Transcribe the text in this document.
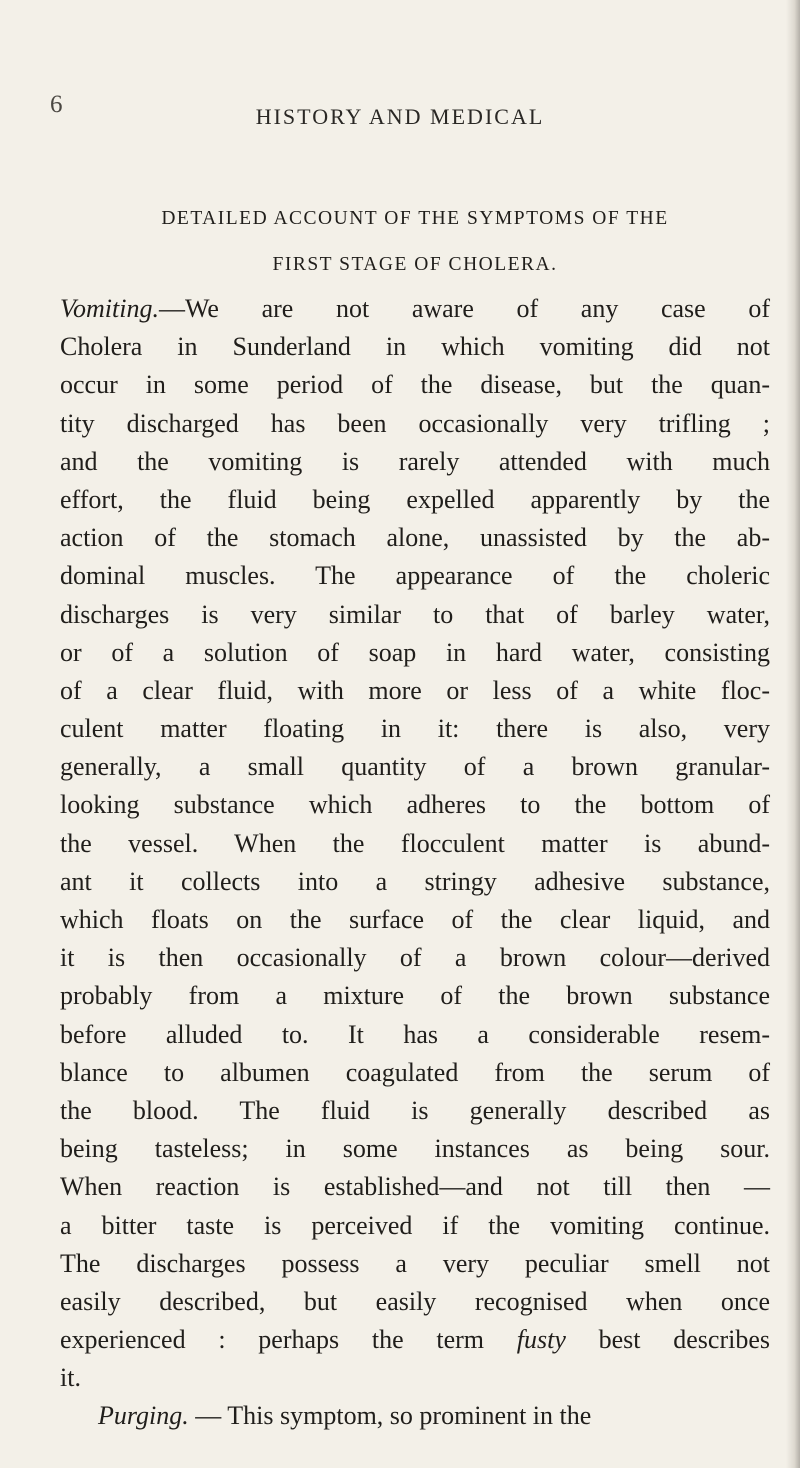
6	HISTORY AND MEDICAL
DETAILED ACCOUNT OF THE SYMPTOMS OF THE
FIRST STAGE OF CHOLERA.
Vomiting.—We are not aware of any case of
Cholera in Sunderland in which vomiting did not
occur in some period of the disease, but the quan-
tity discharged has been occasionally very trifling ;
and the vomiting is rarely attended with much
effort, the fluid being expelled apparently by the
action of the stomach alone, unassisted by the ab-
dominal muscles. The appearance of the choleric
discharges is very similar to that of barley water,
or of a solution of soap in hard water, consisting
of a clear fluid, with more or less of a white floc-
culent matter floating in it: there is also, very
generally, a small quantity of a brown granular-
looking substance which adheres to the bottom of
the vessel. When the flocculent matter is abund-
ant it collects into a stringy adhesive substance,
which floats on the surface of the clear liquid, and
it is then occasionally of a brown colour—derived
probably from a mixture of the brown substance
before alluded to. It has a considerable resem-
blance to albumen coagulated from the serum of
the blood. The fluid is generally described as
being tasteless; in some instances as being sour.
When reaction is established—and not till then —
a bitter taste is perceived if the vomiting continue.
The discharges possess a very peculiar smell not
easily described, but easily recognised when once
experienced : perhaps the term fusty best describes
it.
Purging. — This symptom, so prominent in the
